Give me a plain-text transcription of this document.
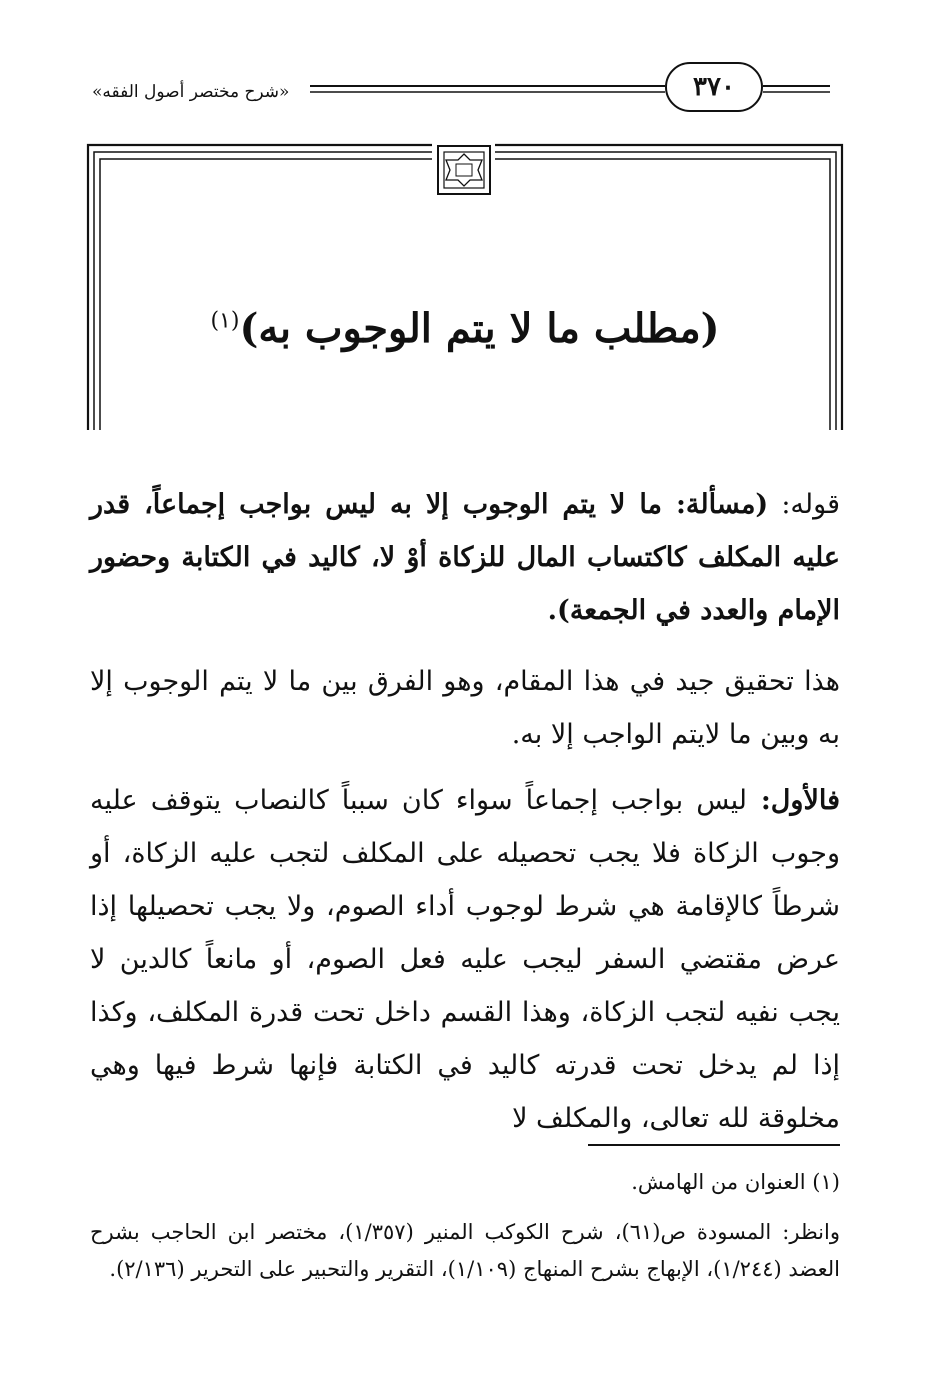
«شرح مختصر أصول الفقه»	٣٧٠
(مطلب ما لا يتم الوجوب به)$^{(١)}$
قوله: (مسألة: ما لا يتم الوجوب إلا به ليس بواجب إجماعاً، قدر عليه المكلف كاكتساب المال للزكاة أوْ لا، كاليد في الكتابة وحضور الإمام والعدد في الجمعة).
هذا تحقيق جيد في هذا المقام، وهو الفرق بين ما لا يتم الوجوب إلا به وبين ما لايتم الواجب إلا به.
فالأول: ليس بواجب إجماعاً سواء كان سبباً كالنصاب يتوقف عليه وجوب الزكاة فلا يجب تحصيله على المكلف لتجب عليه الزكاة، أو شرطاً كالإقامة هي شرط لوجوب أداء الصوم، ولا يجب تحصيلها إذا عرض مقتضي السفر ليجب عليه فعل الصوم، أو مانعاً كالدين لا يجب نفيه لتجب الزكاة، وهذا القسم داخل تحت قدرة المكلف، وكذا إذا لم يدخل تحت قدرته كاليد في الكتابة فإنها شرط فيها وهي مخلوقة لله تعالى، والمكلف لا
(١) العنوان من الهامش.
وانظر: المسودة ص(٦١)، شرح الكوكب المنير (١/٣٥٧)، مختصر ابن الحاجب بشرح العضد (١/٢٤٤)، الإبهاج بشرح المنهاج (١/١٠٩)، التقرير والتحبير على التحرير (٢/١٣٦).
